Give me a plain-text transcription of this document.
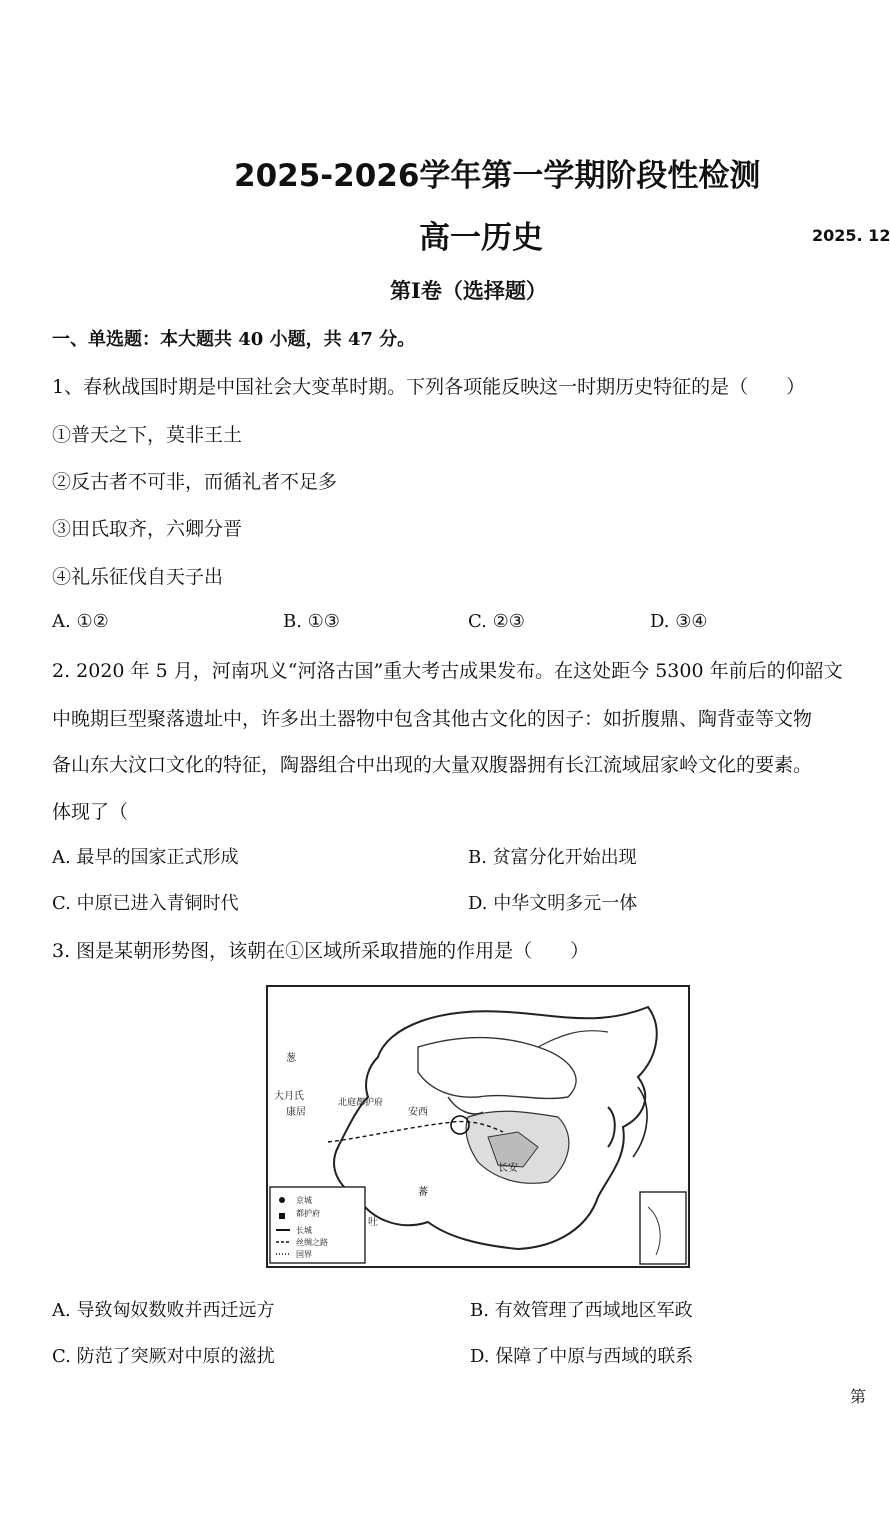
2025-2026学年第一学期阶段性检测
高一历史	2025. 12
第I卷（选择题）
一、单选题：本大题共 40 小题，共 47 分。
1、春秋战国时期是中国社会大变革时期。下列各项能反映这一时期历史特征的是（　　）
①普天之下，莫非王土
②反古者不可非，而循礼者不足多
③田氏取齐，六卿分晋
④礼乐征伐自天子出
A. ①②	B. ①③	C. ②③	D. ③④
2. 2020 年 5 月，河南巩义“河洛古国”重大考古成果发布。在这处距今 5300 年前后的仰韶文
中晚期巨型聚落遗址中，许多出土器物中包含其他古文化的因子：如折腹鼎、陶背壶等文物
备山东大汶口文化的特征，陶器组合中出现的大量双腹器拥有长江流域屈家岭文化的要素。
体现了（
A. 最早的国家正式形成	B. 贫富分化开始出现
C. 中原已进入青铜时代	D. 中华文明多元一体
3. 图是某朝形势图，该朝在①区域所采取措施的作用是（　　）
葱
大月氏
康居
北庭都护府
长安
安西
蕃
吐
京城
都护府
长城
丝绸之路
国界
A. 导致匈奴数败并西迁远方	B. 有效管理了西域地区军政
C. 防范了突厥对中原的滋扰	D. 保障了中原与西域的联系
第
